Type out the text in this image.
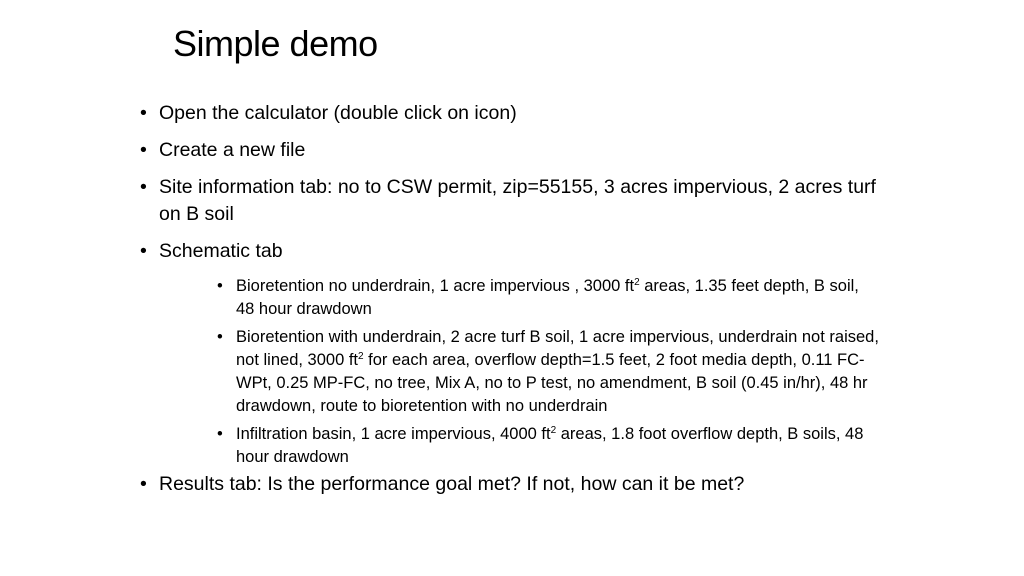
Simple demo
• Open the calculator (double click on icon)
• Create a new file
• Site information tab: no to CSW permit, zip=55155, 3 acres impervious, 2 acres turf on B soil
• Schematic tab
• Bioretention no underdrain, 1 acre impervious , 3000 $ft^2$ areas, 1.35 feet depth, B soil, 48 hour drawdown
• Bioretention with underdrain, 2 acre turf B soil, 1 acre impervious, underdrain not raised, not lined, 3000 $ft^2$ for each area, overflow depth=1.5 feet, 2 foot media depth, 0.11 FC-WPt, 0.25 MP-FC, no tree, Mix A, no to P test, no amendment, B soil (0.45 in/hr), 48 hr drawdown, route to bioretention with no underdrain
• Infiltration basin, 1 acre impervious, 4000 $ft^2$ areas, 1.8 foot overflow depth, B soils, 48 hour drawdown
• Results tab: Is the performance goal met? If not, how can it be met?
